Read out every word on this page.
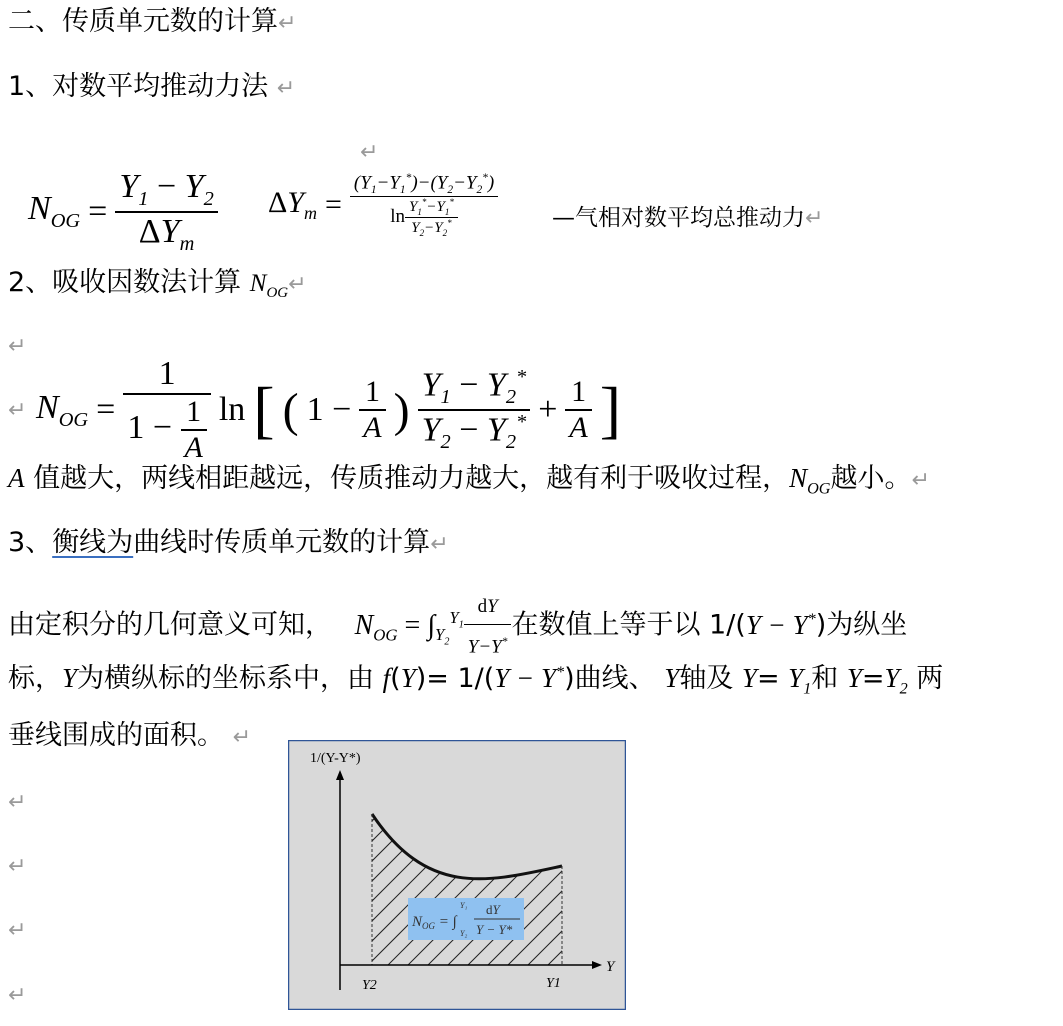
二、传质单元数的计算↵
1、对数平均推动力法 ↵
↵
$N_{OG} = \frac{Y_1 - Y_2}{\Delta Y_m} \Delta Y_m = \frac{(Y_1-Y_1^*)-(Y_2-Y_2^*)}{\ln \frac{Y_1^*-Y_1^*}{Y_2-Y_2^*}}$ —气相对数平均总推动力↵
2、吸收因数法计算 $N_{OG}↵$
↵
↵ $N_{OG} = \frac{1}{1 - \frac{1}{A}}$ ln [ ( $1 - \frac{1}{A}$ ) $\frac{Y_1 - Y_2^*}{Y_2 - Y_2^*} + \frac{1}{A}$ ]
A 值越大，两线相距越远，传质推动力越大，越有利于吸收过程，$N_{OG}$越小。↵
3、衡线为曲线时传质单元数的计算↵
由定积分的几何意义可知， $N_{OG} = \int_{Y_2}^{Y_1} \frac{dY}{Y-Y^*}$ 在数值上等于以 1/(Y − Y*)为纵坐
标，Y为横纵标的坐标系中，由 f(Y)= 1/(Y − Y*)曲线、 Y轴及 $Y= Y_1$和 $Y=Y_2$ 两
垂线围成的面积。 ↵
↵
↵
↵
↵
$N_{OG}$ = ∫
Y₁
Y₂
dY
Y − Y*
1/(Y-Y*)
Y
Y2	Y1
